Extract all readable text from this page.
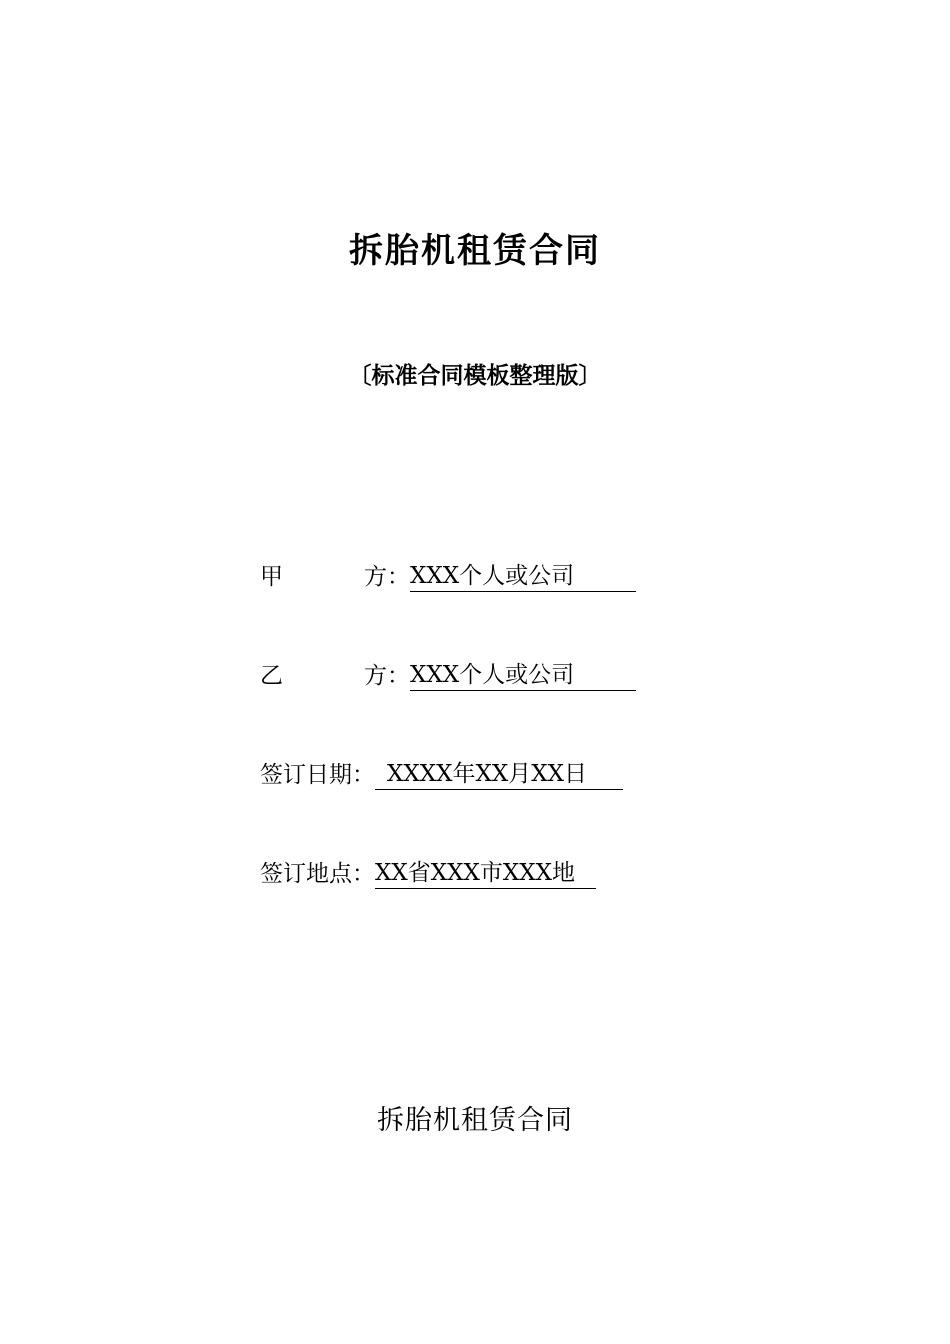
拆胎机租赁合同
〔标准合同模板整理版〕
甲	方 ： XXX个人或公司
乙	方 ： XXX个人或公司
签订日期 ： XXXX年XX月XX日
签订地点 ： XX省XXX市XXX地
拆胎机租赁合同
